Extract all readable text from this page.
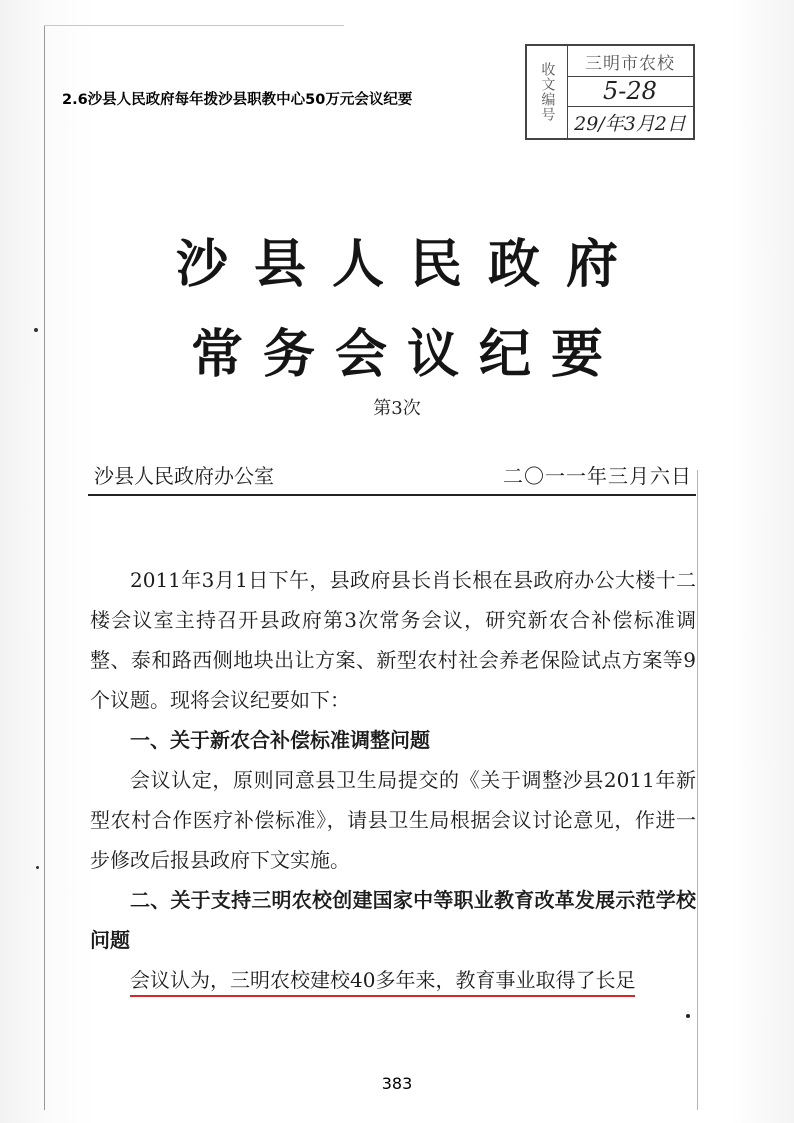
2.6沙县人民政府每年拨沙县职教中心50万元会议纪要	收文编号	三明市农校
5-28
29/年3月2日
沙县人民政府
常务会议纪要
第3次
沙县人民政府办公室	二〇一一年三月六日

2011年3月1日下午，县政府县长肖长根在县政府办公大楼十二楼会议室主持召开县政府第3次常务会议，研究新农合补偿标准调整、泰和路西侧地块出让方案、新型农村社会养老保险试点方案等9个议题。现将会议纪要如下：

一、关于新农合补偿标准调整问题

会议认定，原则同意县卫生局提交的《关于调整沙县2011年新型农村合作医疗补偿标准》，请县卫生局根据会议讨论意见，作进一步修改后报县政府下文实施。

二、关于支持三明农校创建国家中等职业教育改革发展示范学校问题

会议认为，三明农校建校40多年来，教育事业取得了长足

383
